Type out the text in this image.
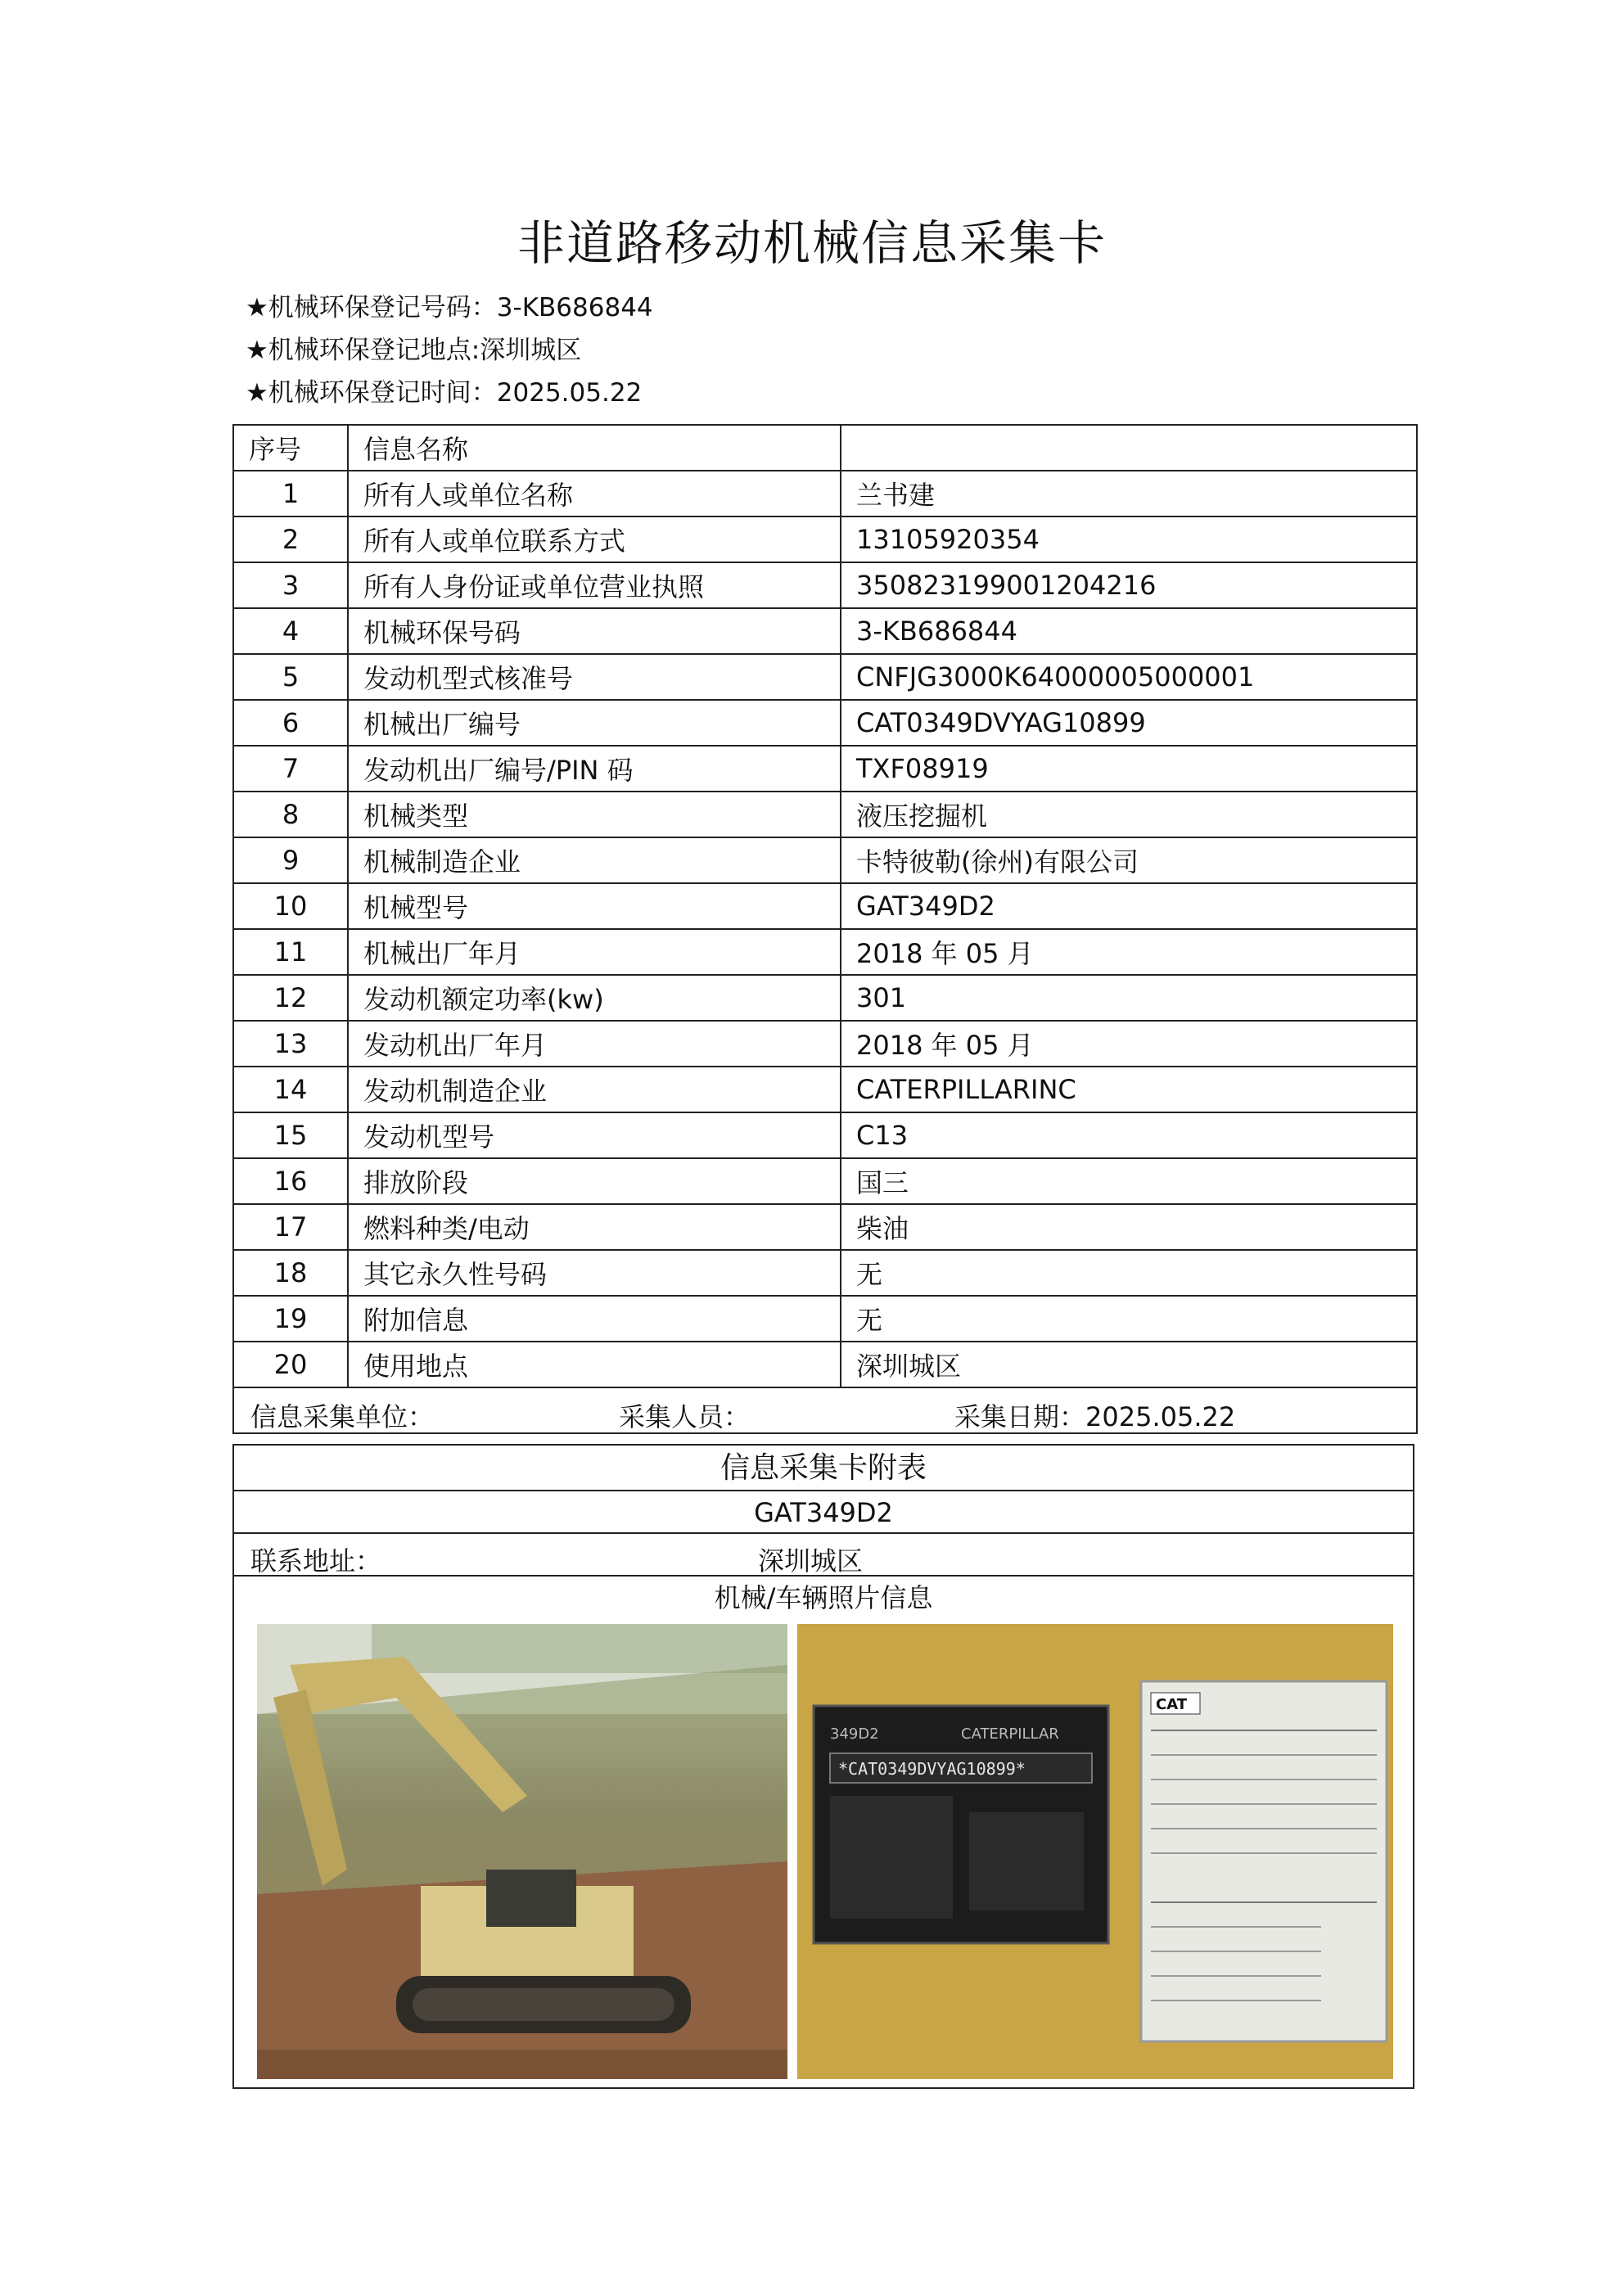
非道路移动机械信息采集卡
★机械环保登记号码：3-KB686844
★机械环保登记地点:深圳城区
★机械环保登记时间：2025.05.22
序号	信息名称	
1	所有人或单位名称	兰书建
2	所有人或单位联系方式	13105920354
3	所有人身份证或单位营业执照	350823199001204216
4	机械环保号码	3-KB686844
5	发动机型式核准号	CNFJG3000K64000005000001
6	机械出厂编号	CAT0349DVYAG10899
7	发动机出厂编号/PIN 码	TXF08919
8	机械类型	液压挖掘机
9	机械制造企业	卡特彼勒(徐州)有限公司
10	机械型号	GAT349D2
11	机械出厂年月	2018 年 05 月
12	发动机额定功率(kw)	301
13	发动机出厂年月	2018 年 05 月
14	发动机制造企业	CATERPILLARINC
15	发动机型号	C13
16	排放阶段	国三
17	燃料种类/电动	柴油
18	其它永久性号码	无
19	附加信息	无
20	使用地点	深圳城区

信息采集单位： 采集人员： 采集日期：2025.05.22		
信息采集卡附表
GAT349D2
联系地址：	深圳城区
机械/车辆照片信息
349D2	CATERPILLAR
*CAT0349DVYAG10899*
CAT
